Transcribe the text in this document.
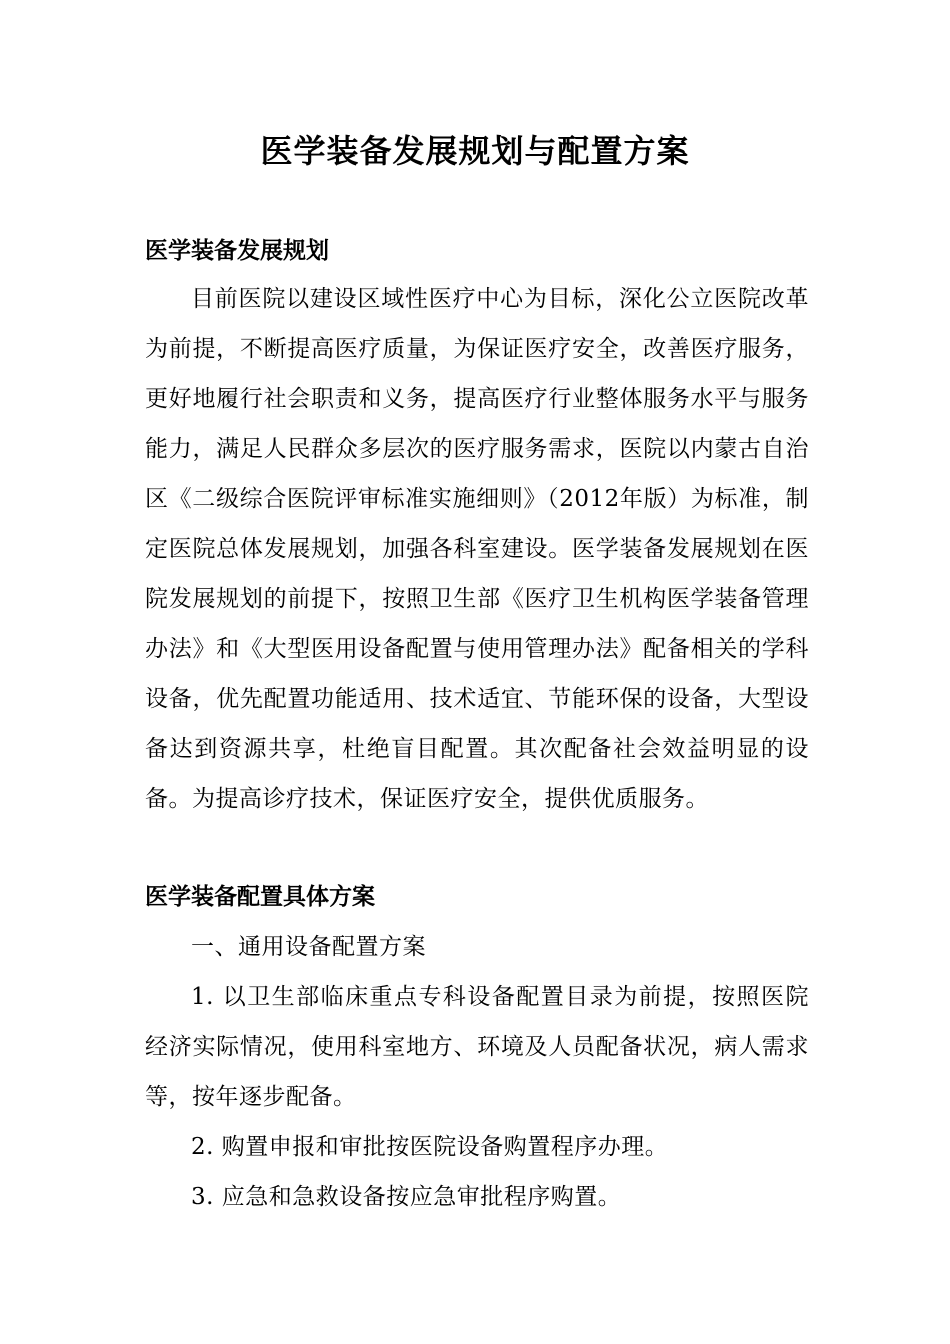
医学装备发展规划与配置方案
医学装备发展规划

目前医院以建设区域性医疗中心为目标，深化公立医院改革为前提，不断提高医疗质量，为保证医疗安全，改善医疗服务，更好地履行社会职责和义务，提高医疗行业整体服务水平与服务能力，满足人民群众多层次的医疗服务需求，医院以内蒙古自治区《二级综合医院评审标准实施细则》（2012年版）为标准，制定医院总体发展规划，加强各科室建设。医学装备发展规划在医院发展规划的前提下，按照卫生部《医疗卫生机构医学装备管理办法》和《大型医用设备配置与使用管理办法》配备相关的学科设备，优先配置功能适用、技术适宜、节能环保的设备，大型设备达到资源共享，杜绝盲目配置。其次配备社会效益明显的设备。为提高诊疗技术，保证医疗安全，提供优质服务。

医学装备配置具体方案

一、通用设备配置方案

1. 以卫生部临床重点专科设备配置目录为前提，按照医院经济实际情况，使用科室地方、环境及人员配备状况，病人需求等，按年逐步配备。

2. 购置申报和审批按医院设备购置程序办理。

3. 应急和急救设备按应急审批程序购置。
